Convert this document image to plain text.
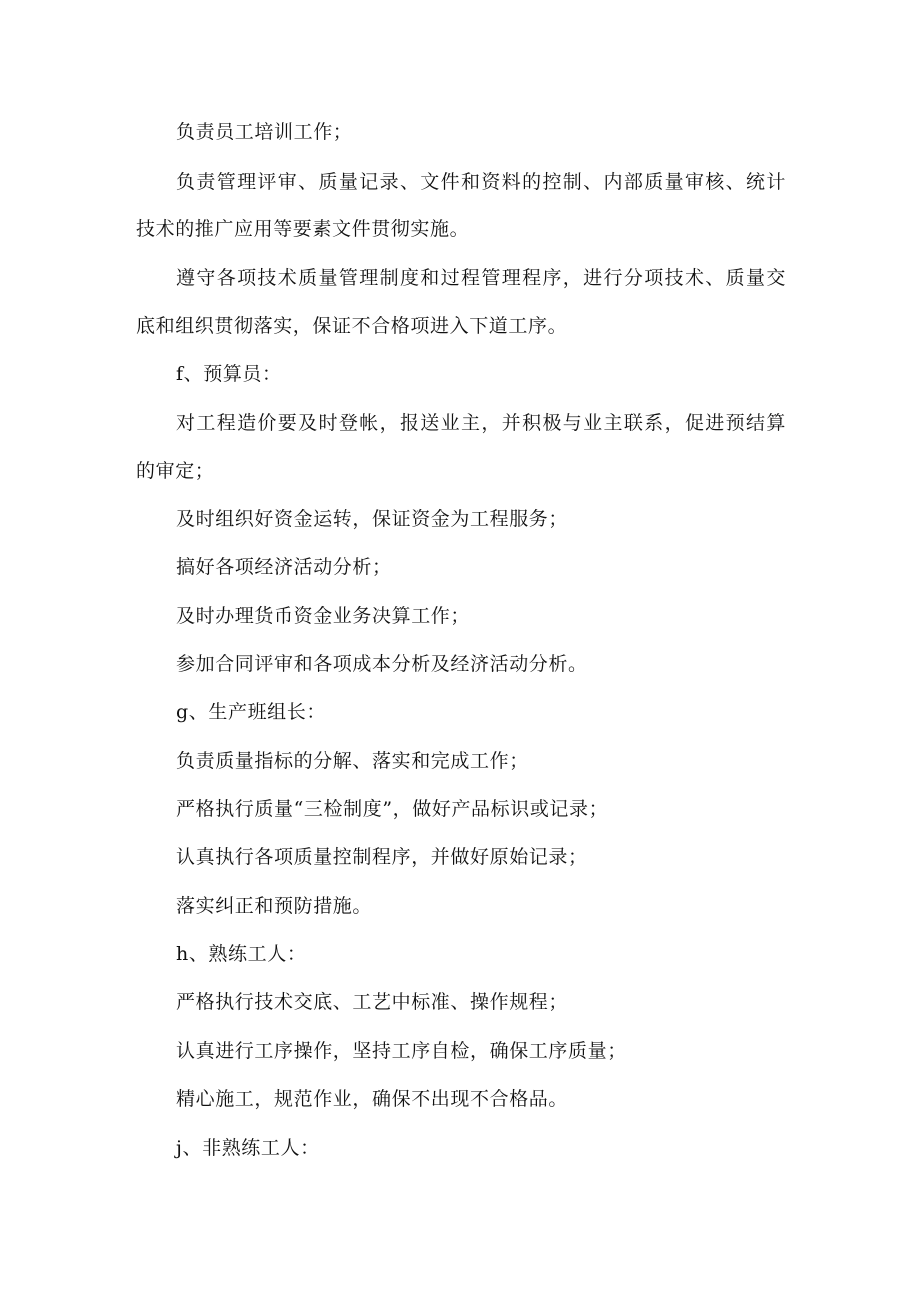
负责员工培训工作；
负责管理评审、质量记录、文件和资料的控制、内部质量审核、统计
技术的推广应用等要素文件贯彻实施。
遵守各项技术质量管理制度和过程管理程序，进行分项技术、质量交
底和组织贯彻落实，保证不合格项进入下道工序。
f、预算员：
对工程造价要及时登帐，报送业主，并积极与业主联系，促进预结算
的审定；
及时组织好资金运转，保证资金为工程服务；
搞好各项经济活动分析；
及时办理货币资金业务决算工作；
参加合同评审和各项成本分析及经济活动分析。
g、生产班组长：
负责质量指标的分解、落实和完成工作；
严格执行质量“三检制度”，做好产品标识或记录；
认真执行各项质量控制程序，并做好原始记录；
落实纠正和预防措施。
h、熟练工人：
严格执行技术交底、工艺中标准、操作规程；
认真进行工序操作，坚持工序自检，确保工序质量；
精心施工，规范作业，确保不出现不合格品。
j、非熟练工人：
